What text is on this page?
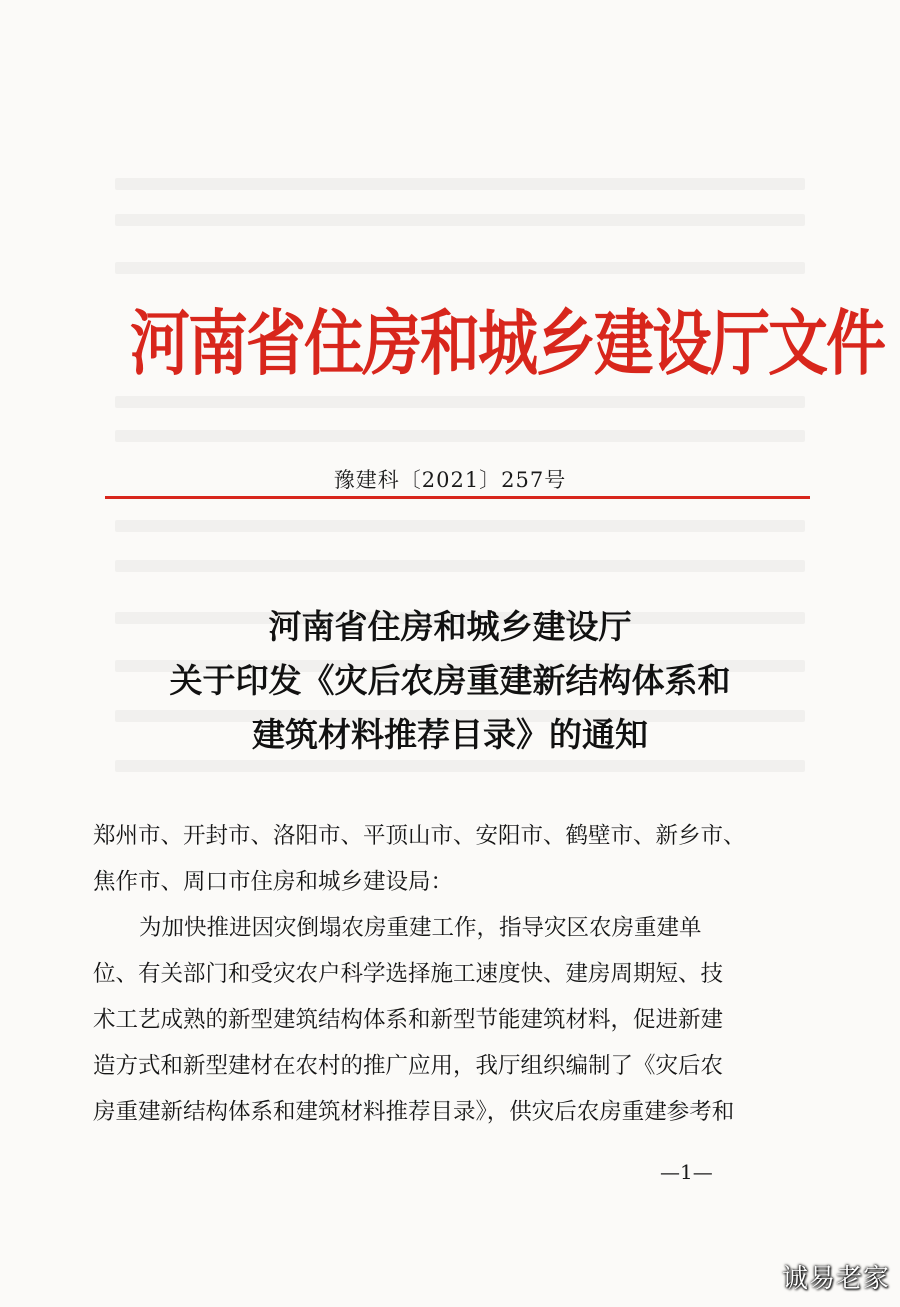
河南省住房和城乡建设厅文件
豫建科〔2021〕257号
河南省住房和城乡建设厅
关于印发《灾后农房重建新结构体系和
建筑材料推荐目录》的通知
郑州市、开封市、洛阳市、平顶山市、安阳市、鹤壁市、新乡市、
焦作市、周口市住房和城乡建设局：
为加快推进因灾倒塌农房重建工作，指导灾区农房重建单
位、有关部门和受灾农户科学选择施工速度快、建房周期短、技
术工艺成熟的新型建筑结构体系和新型节能建筑材料，促进新建
造方式和新型建材在农村的推广应用，我厅组织编制了《灾后农
房重建新结构体系和建筑材料推荐目录》，供灾后农房重建参考和
—1—
诚易老家
